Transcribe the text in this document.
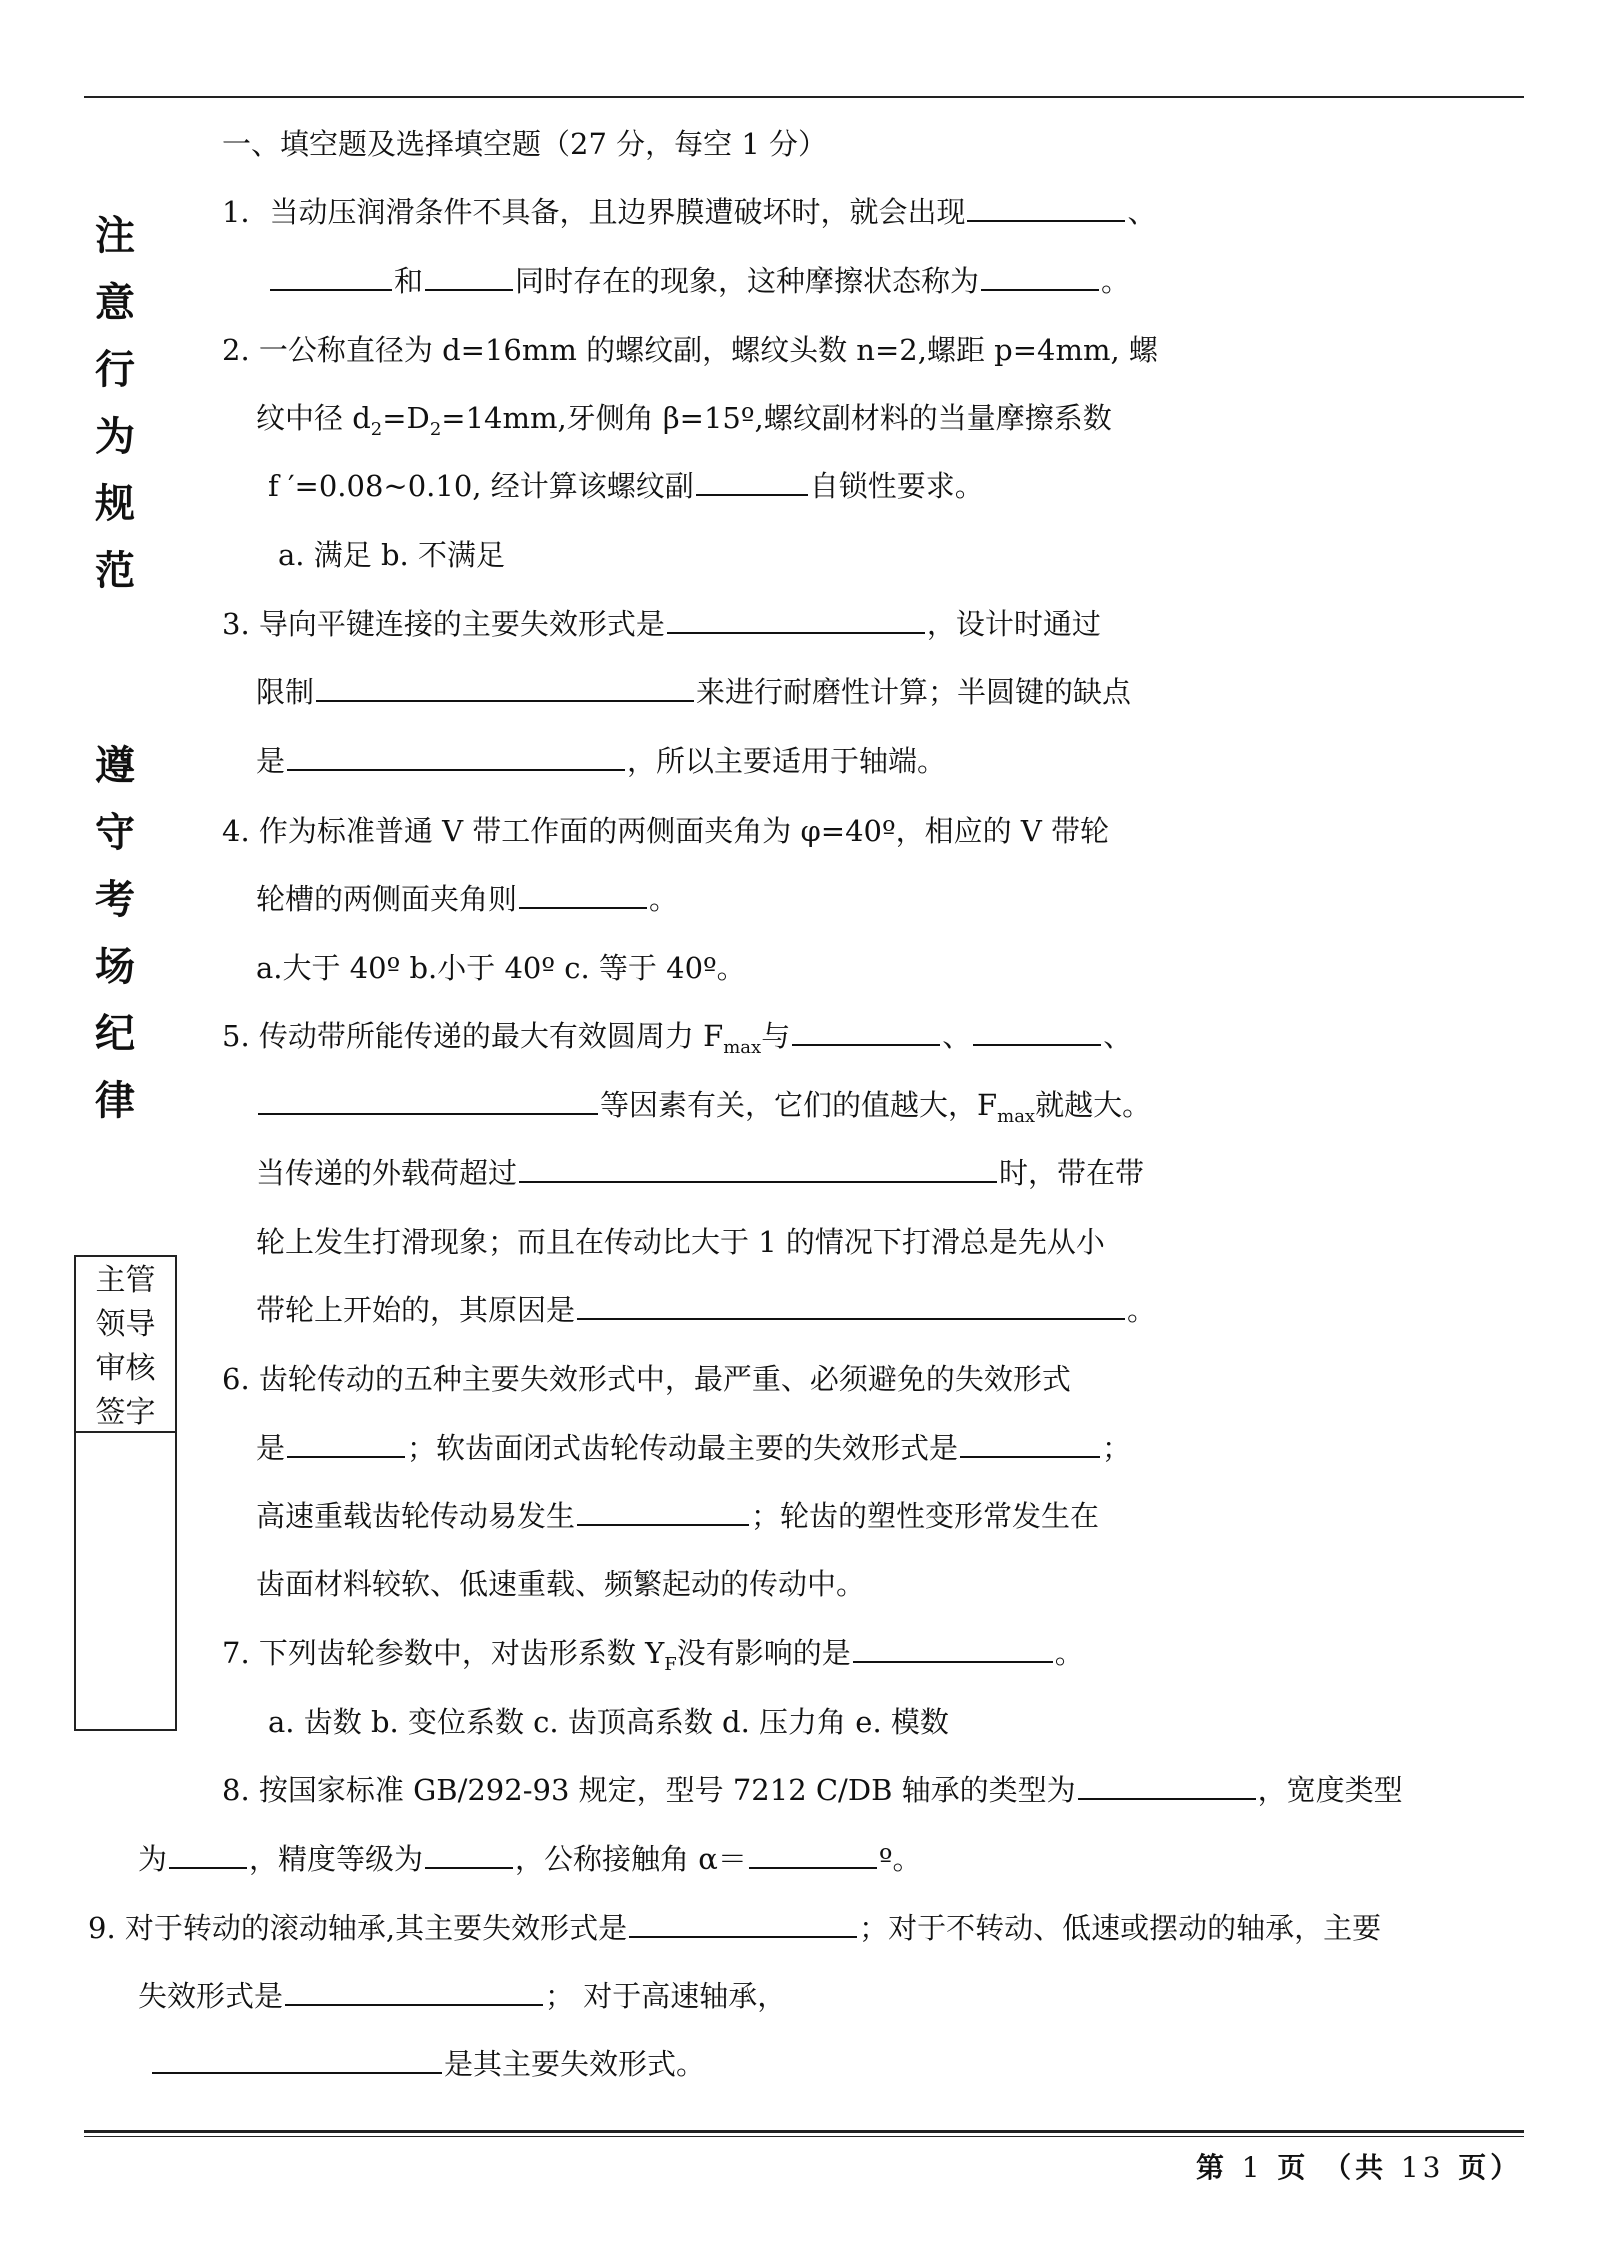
注
意
行
为
规
范
遵
守
考
场
纪
律
主管
领导
审核
签字
一、填空题及选择填空题（27 分，每空 1 分）
1．当动压润滑条件不具备，且边界膜遭破坏时，就会出现	、
和	同时存在的现象，这种摩擦状态称为	。
2. 一公称直径为 d=16mm 的螺纹副，螺纹头数 n=2,螺距 p=4mm, 螺
纹中径 $d_2=D_2=14mm$,牙侧角 β=15º,螺纹副材料的当量摩擦系数
f ′=0.08~0.10, 经计算该螺纹副	自锁性要求。
a. 满足 b. 不满足
3. 导向平键连接的主要失效形式是	，设计时通过
限制	来进行耐磨性计算；半圆键的缺点
是	，所以主要适用于轴端。
4. 作为标准普通 V 带工作面的两侧面夹角为 φ=40º，相应的 V 带轮
轮槽的两侧面夹角则	。
a.大于 40º b.小于 40º c. 等于 40º。
5. 传动带所能传递的最大有效圆周力 $F_{max}$与	、	、
等因素有关，它们的值越大，$F_{max}$就越大。
当传递的外载荷超过	时，带在带
轮上发生打滑现象；而且在传动比大于 1 的情况下打滑总是先从小
带轮上开始的，其原因是	。
6. 齿轮传动的五种主要失效形式中，最严重、必须避免的失效形式
是	；软齿面闭式齿轮传动最主要的失效形式是	；
高速重载齿轮传动易发生	；轮齿的塑性变形常发生在
齿面材料较软、低速重载、频繁起动的传动中。
7. 下列齿轮参数中，对齿形系数 $Y_F$没有影响的是	。
a. 齿数 b. 变位系数 c. 齿顶高系数 d. 压力角 e. 模数
8. 按国家标准 GB/292-93 规定，型号 7212 C/DB 轴承的类型为	，宽度类型
为	，精度等级为	，公称接触角 α＝	º。
9. 对于转动的滚动轴承,其主要失效形式是	；对于不转动、低速或摆动的轴承，主要
失效形式是	； 对于高速轴承，
是其主要失效形式。
第 1 页 （共 13 页）
